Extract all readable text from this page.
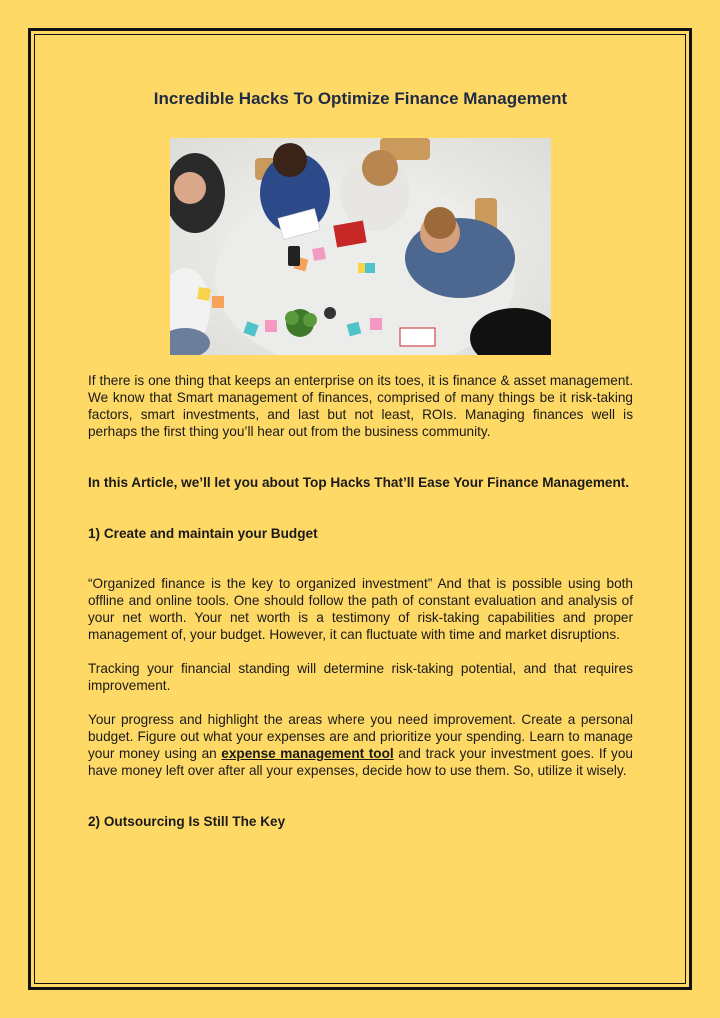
Incredible Hacks To Optimize Finance Management

If there is one thing that keeps an enterprise on its toes, it is finance & asset management. We know that Smart management of finances, comprised of many things be it risk-taking factors, smart investments, and last but not least, ROIs. Managing finances well is perhaps the first thing you’ll hear out from the business community.

In this Article, we’ll let you about Top Hacks That’ll Ease Your Finance Management.

1) Create and maintain your Budget

“Organized finance is the key to organized investment” And that is possible using both offline and online tools. One should follow the path of constant evaluation and analysis of your net worth. Your net worth is a testimony of risk-taking capabilities and proper management of, your budget. However, it can fluctuate with time and market disruptions.

Tracking your financial standing will determine risk-taking potential, and that requires improvement.

Your progress and highlight the areas where you need improvement. Create a personal budget. Figure out what your expenses are and prioritize your spending. Learn to manage your money using an expense management tool and track your investment goes. If you have money left over after all your expenses, decide how to use them. So, utilize it wisely.

2) Outsourcing Is Still The Key
